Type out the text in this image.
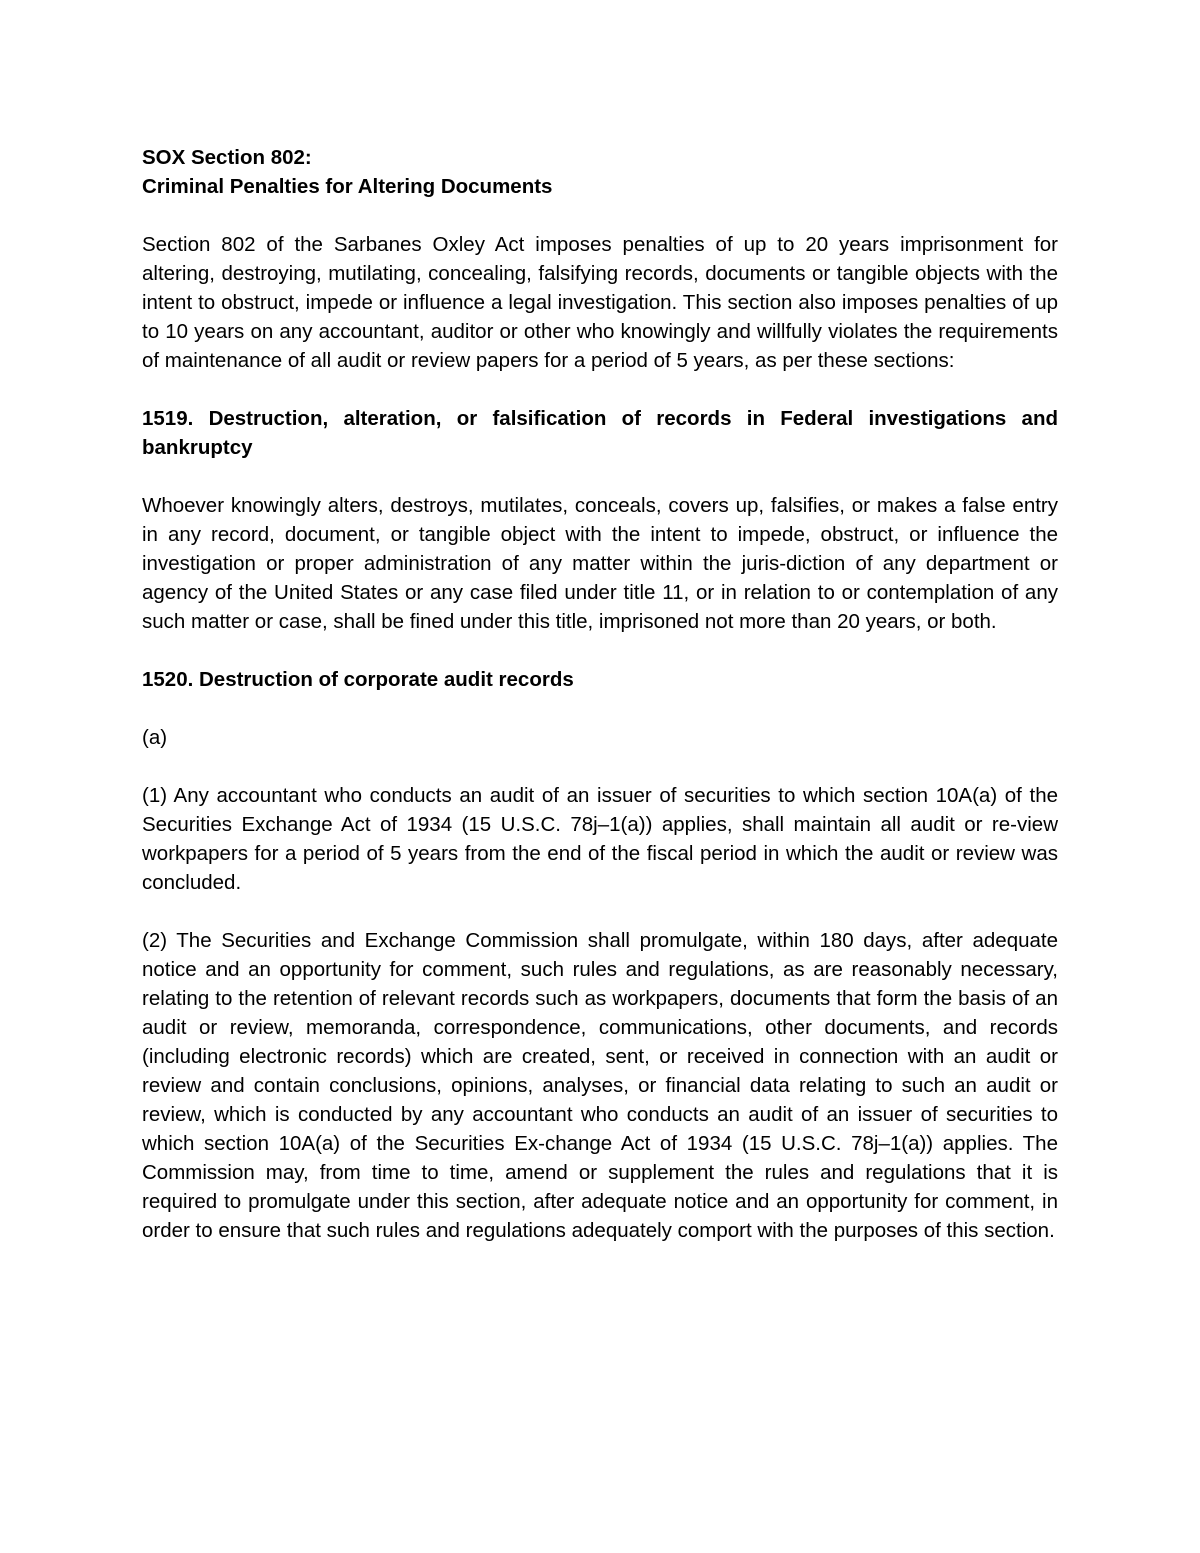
SOX Section 802:
Criminal Penalties for Altering Documents

Section 802 of the Sarbanes Oxley Act imposes penalties of up to 20 years imprisonment for altering, destroying, mutilating, concealing, falsifying records, documents or tangible objects with the intent to obstruct, impede or influence a legal investigation. This section also imposes penalties of up to 10 years on any accountant, auditor or other who knowingly and willfully violates the requirements of maintenance of all audit or review papers for a period of 5 years, as per these sections:

1519. Destruction, alteration, or falsification of records in Federal investigations and bankruptcy

Whoever knowingly alters, destroys, mutilates, conceals, covers up, falsifies, or makes a false entry in any record, document, or tangible object with the intent to impede, obstruct, or influence the investigation or proper administration of any matter within the juris-diction of any department or agency of the United States or any case filed under title 11, or in relation to or contemplation of any such matter or case, shall be fined under this title, imprisoned not more than 20 years, or both.

1520. Destruction of corporate audit records

(a)

(1) Any accountant who conducts an audit of an issuer of securities to which section 10A(a) of the Securities Exchange Act of 1934 (15 U.S.C. 78j–1(a)) applies, shall maintain all audit or re-view workpapers for a period of 5 years from the end of the fiscal period in which the audit or review was concluded.

(2) The Securities and Exchange Commission shall promulgate, within 180 days, after adequate notice and an opportunity for comment, such rules and regulations, as are reasonably necessary, relating to the retention of relevant records such as workpapers, documents that form the basis of an audit or review, memoranda, correspondence, communications, other documents, and records (including electronic records) which are created, sent, or received in connection with an audit or review and contain conclusions, opinions, analyses, or financial data relating to such an audit or review, which is conducted by any accountant who conducts an audit of an issuer of securities to which section 10A(a) of the Securities Ex-change Act of 1934 (15 U.S.C. 78j–1(a)) applies. The Commission may, from time to time, amend or supplement the rules and regulations that it is required to promulgate under this section, after adequate notice and an opportunity for comment, in order to ensure that such rules and regulations adequately comport with the purposes of this section.
